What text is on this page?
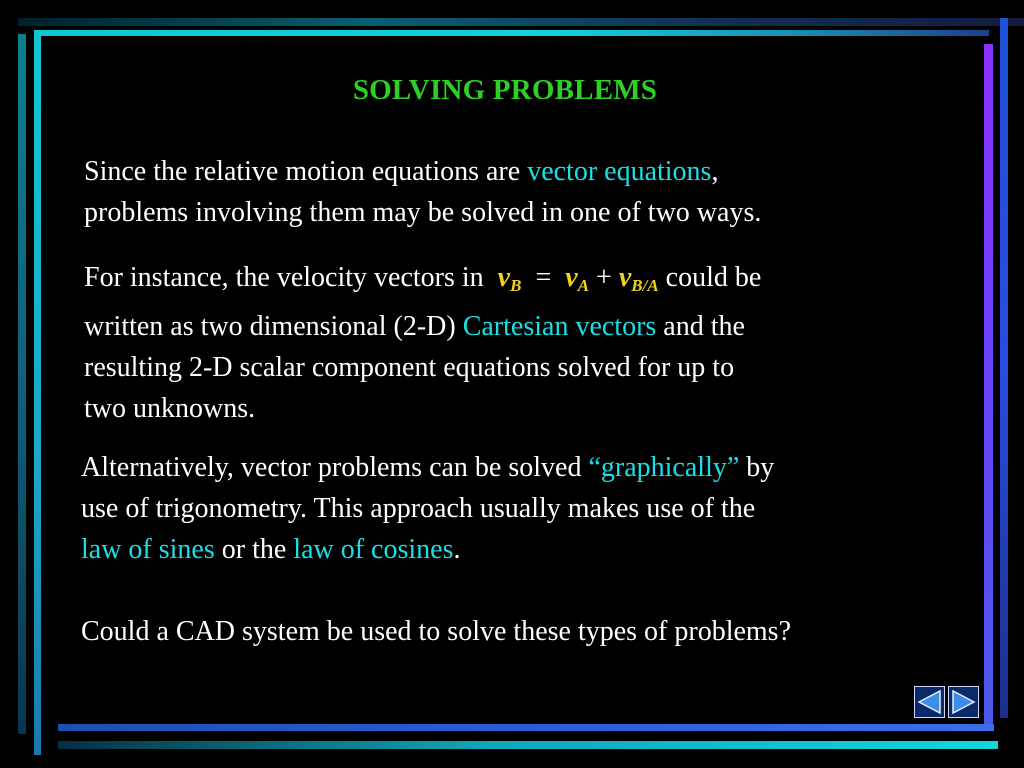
SOLVING PROBLEMS
Since the relative motion equations are vector equations,
problems involving them may be solved in one of two ways.
For instance, the velocity vectors in  $v_B = v_A + v_{B/A}$ could be
written as two dimensional (2-D) Cartesian vectors and the
resulting 2-D scalar component equations solved for up to
two unknowns.
Alternatively, vector problems can be solved “graphically” by
use of trigonometry. This approach usually makes use of the
law of sines or the law of cosines.
Could a CAD system be used to solve these types of problems?
